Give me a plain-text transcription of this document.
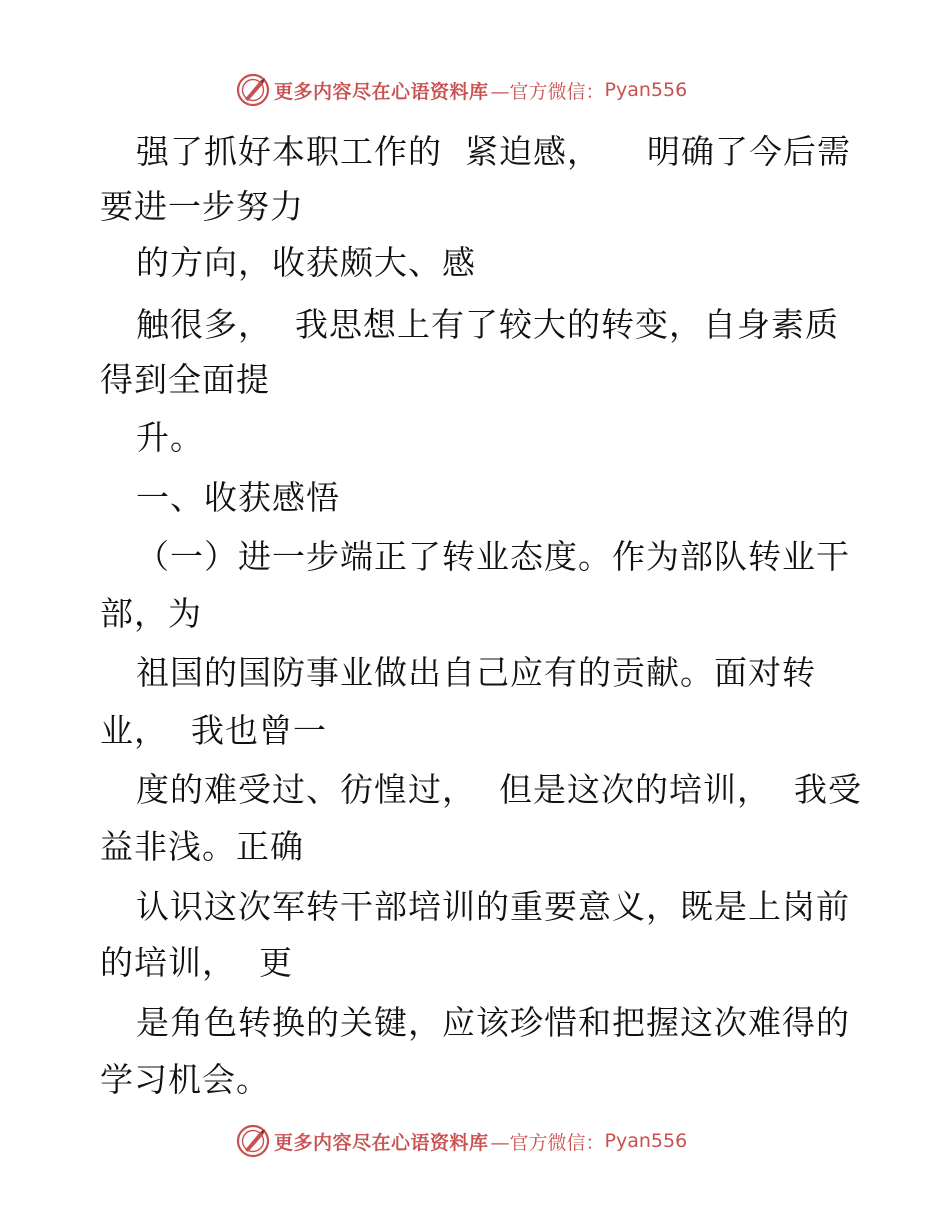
更多内容尽在心语资料库 —官方微信： Pyan556
强了抓好本职工作的  紧迫感，    明确了今后需
要进一步努力
的方向，收获颇大、感
触很多，  我思想上有了较大的转变，自身素质
得到全面提
升。
一、收获感悟
（一）进一步端正了转业态度。作为部队转业干
部，为
祖国的国防事业做出自己应有的贡献。面对转
业，  我也曾一
度的难受过、彷惶过，  但是这次的培训，  我受
益非浅。正确
认识这次军转干部培训的重要意义，既是上岗前
的培训，  更
是角色转换的关键，应该珍惜和把握这次难得的
学习机会。
更多内容尽在心语资料库 —官方微信： Pyan556
